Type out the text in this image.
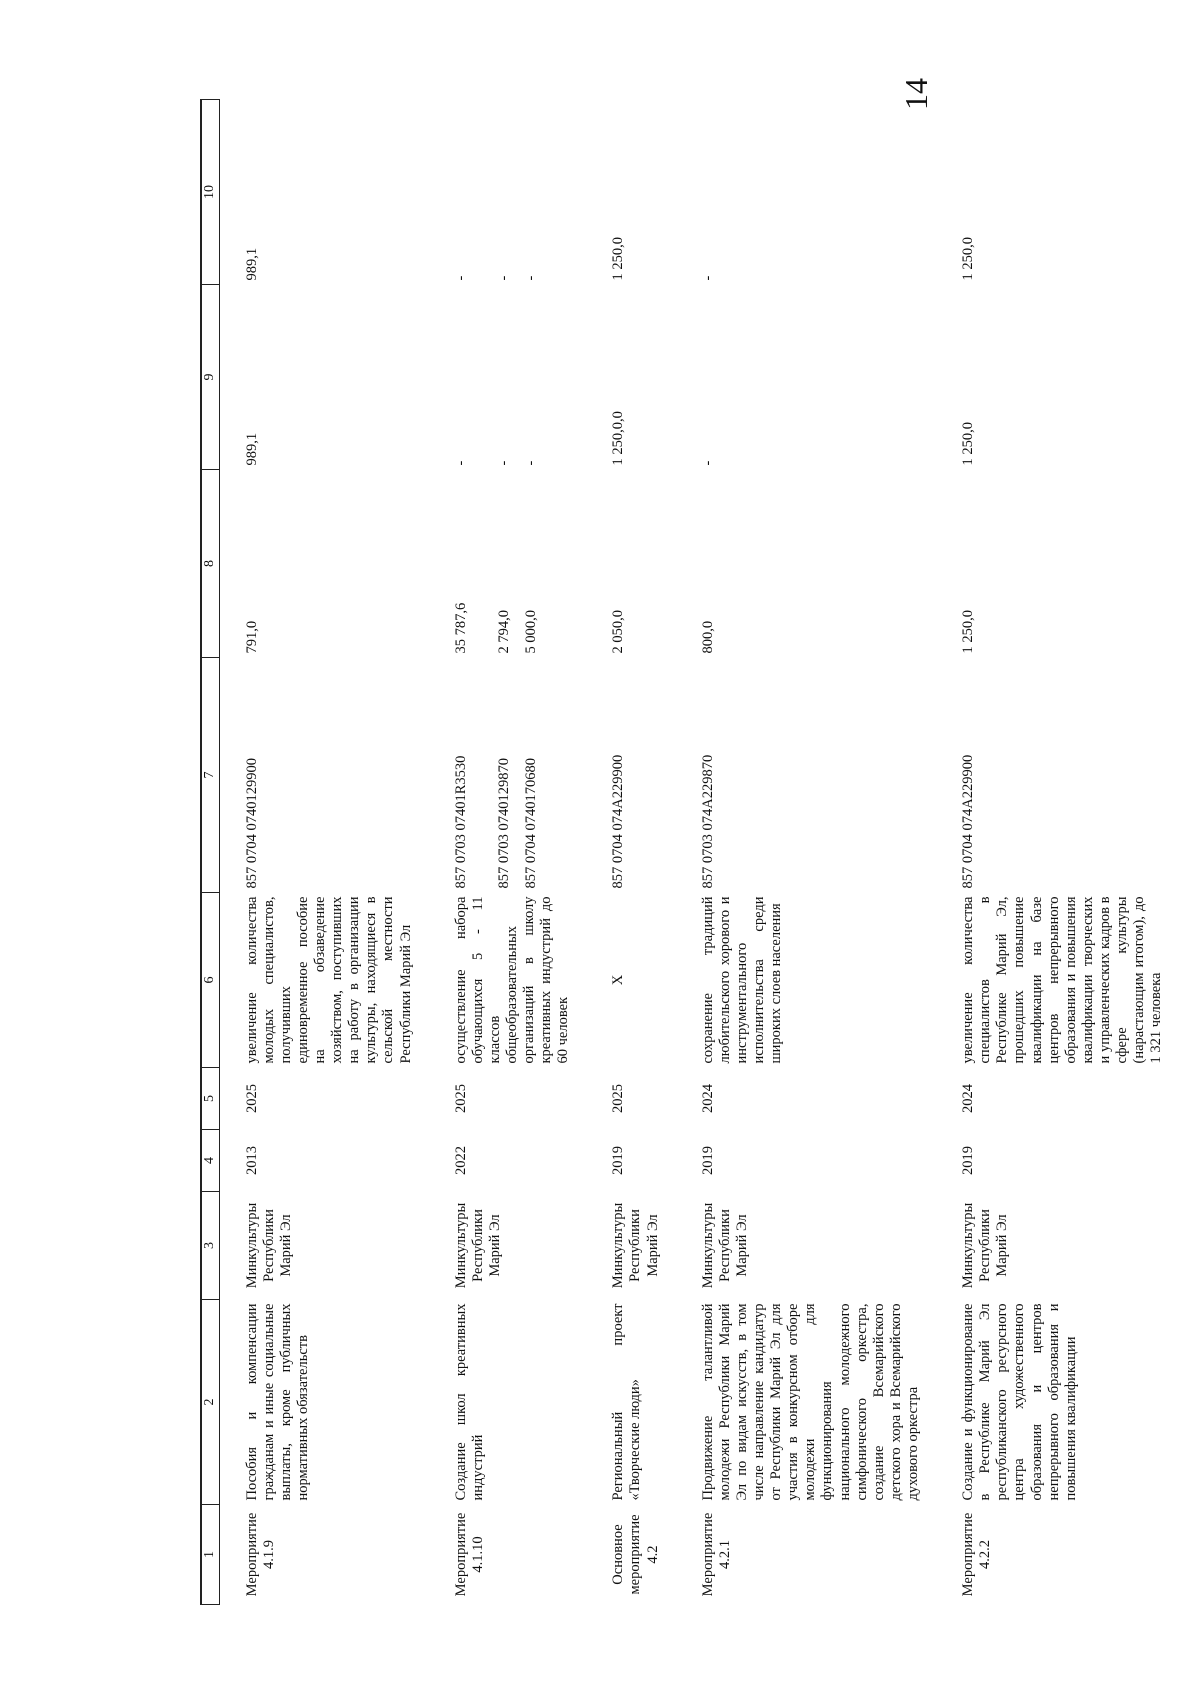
14
1	2	3	4	5	6	7	8	9	10
Мероприятие 4.1.9	Пособия и компенсации гражданам и иные социальные выплаты, кроме публичных нормативных обязательств	Минкультуры Республики Марий Эл	2013	2025	увеличение количества молодых специалистов, получивших единовременное пособие на обзаведение хозяйством, поступивших на работу в организации культуры, находящиеся в сельской местности Республики Марий Эл	857 0704 0740129900	791,0	989,1	989,1

Мероприятие 4.1.10	Создание школ креативных индустрий	Минкультуры Республики Марий Эл	2022	2025	осуществление набора обучающихся 5 - 11 классов общеобразовательных организаций в школу креативных индустрий до 60 человек	857 0703 07401R3530 857 0703 0740129870 857 0704 0740170680	35 787,6 2 794,0 5 000,0	- - -	- - -

Основное мероприятие 4.2	Региональный проект «Творческие люди»	Минкультуры Республики Марий Эл	2019	2025	Х	857 0704 074А229900	2 050,0	1 250,0,0	1 250,0

Мероприятие 4.2.1	Продвижение талантливой молодежи Республики Марий Эл по видам искусств, в том числе направление кандидатур от Республики Марий Эл для участия в конкурсном отборе молодежи для функционирования национального молодежного симфонического оркестра, создание Всемарийского детского хора и Всемарийского духового оркестра	Минкультуры Республики Марий Эл	2019	2024	сохранение традиций любительского хорового и инструментального исполнительства среди широких слоев населения	857 0703 074А229870	800,0	-	-

Мероприятие 4.2.2	Создание и функционирование в Республике Марий Эл республиканского ресурсного центра художественного образования и центров непрерывного образования и повышения квалификации	Минкультуры Республики Марий Эл	2019	2024	увеличение количества специалистов в Республике Марий Эл, прошедших повышение квалификации на базе центров непрерывного образования и повышения квалификации творческих и управленческих кадров в сфере культуры (нарастающим итогом), до 1 321 человека	857 0704 074А229900	1 250,0	1 250,0	1 250,0
